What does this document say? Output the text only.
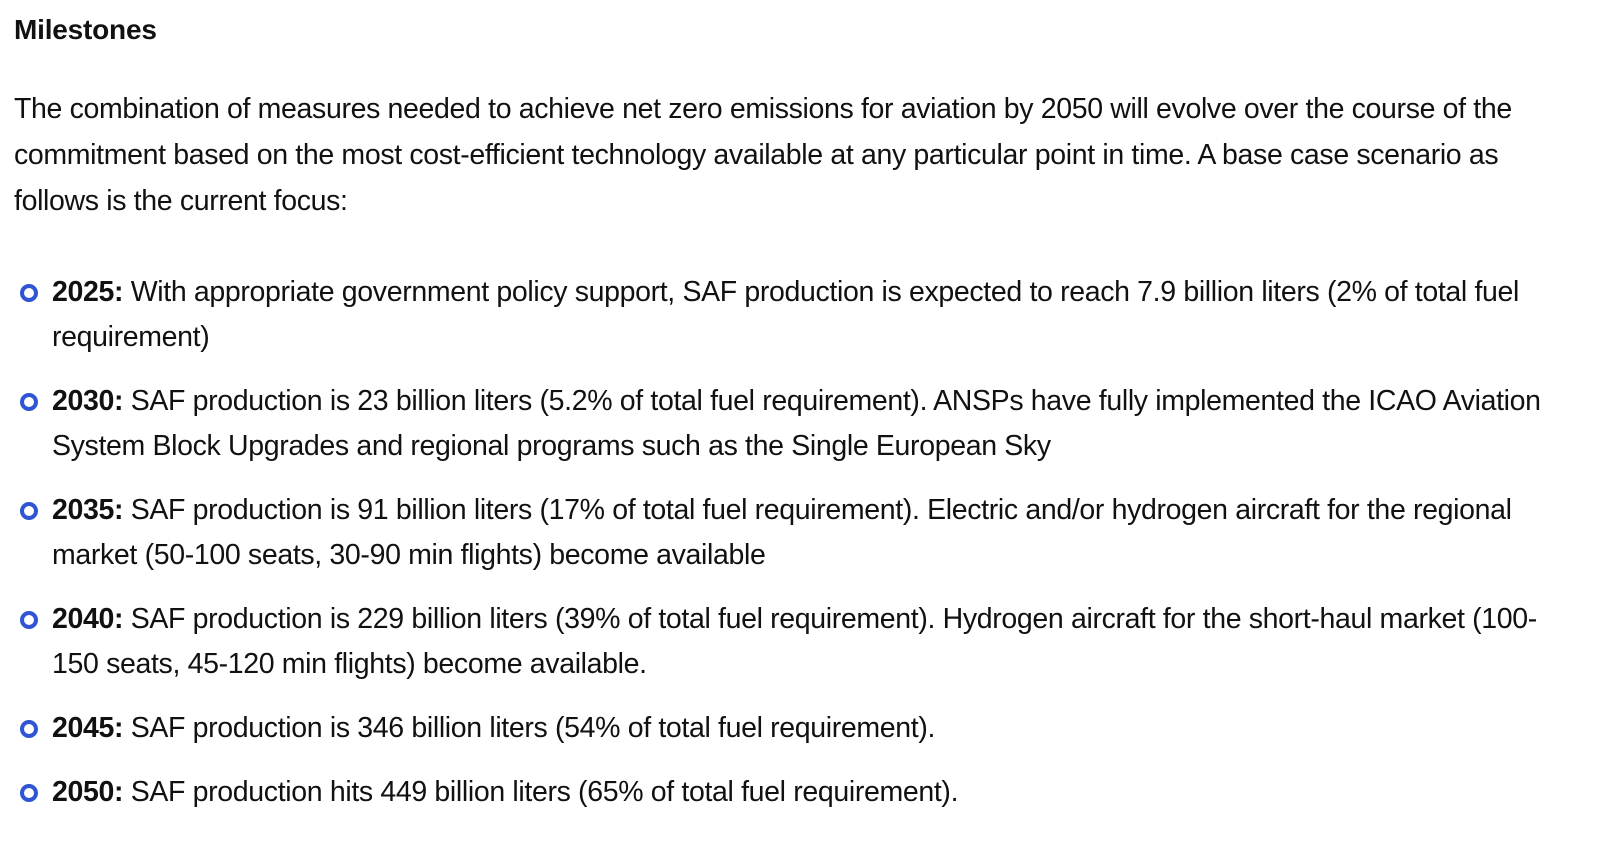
Milestones

The combination of measures needed to achieve net zero emissions for aviation by 2050 will evolve over the course of the commitment based on the most cost-efficient technology available at any particular point in time. A base case scenario as follows is the current focus:

2025: With appropriate government policy support, SAF production is expected to reach 7.9 billion liters (2% of total fuel requirement)
2030: SAF production is 23 billion liters (5.2% of total fuel requirement). ANSPs have fully implemented the ICAO Aviation System Block Upgrades and regional programs such as the Single European Sky
2035: SAF production is 91 billion liters (17% of total fuel requirement). Electric and/or hydrogen aircraft for the regional market (50-100 seats, 30-90 min flights) become available
2040: SAF production is 229 billion liters (39% of total fuel requirement). Hydrogen aircraft for the short-haul market (100-150 seats, 45-120 min flights) become available.
2045: SAF production is 346 billion liters (54% of total fuel requirement).
2050: SAF production hits 449 billion liters (65% of total fuel requirement).
